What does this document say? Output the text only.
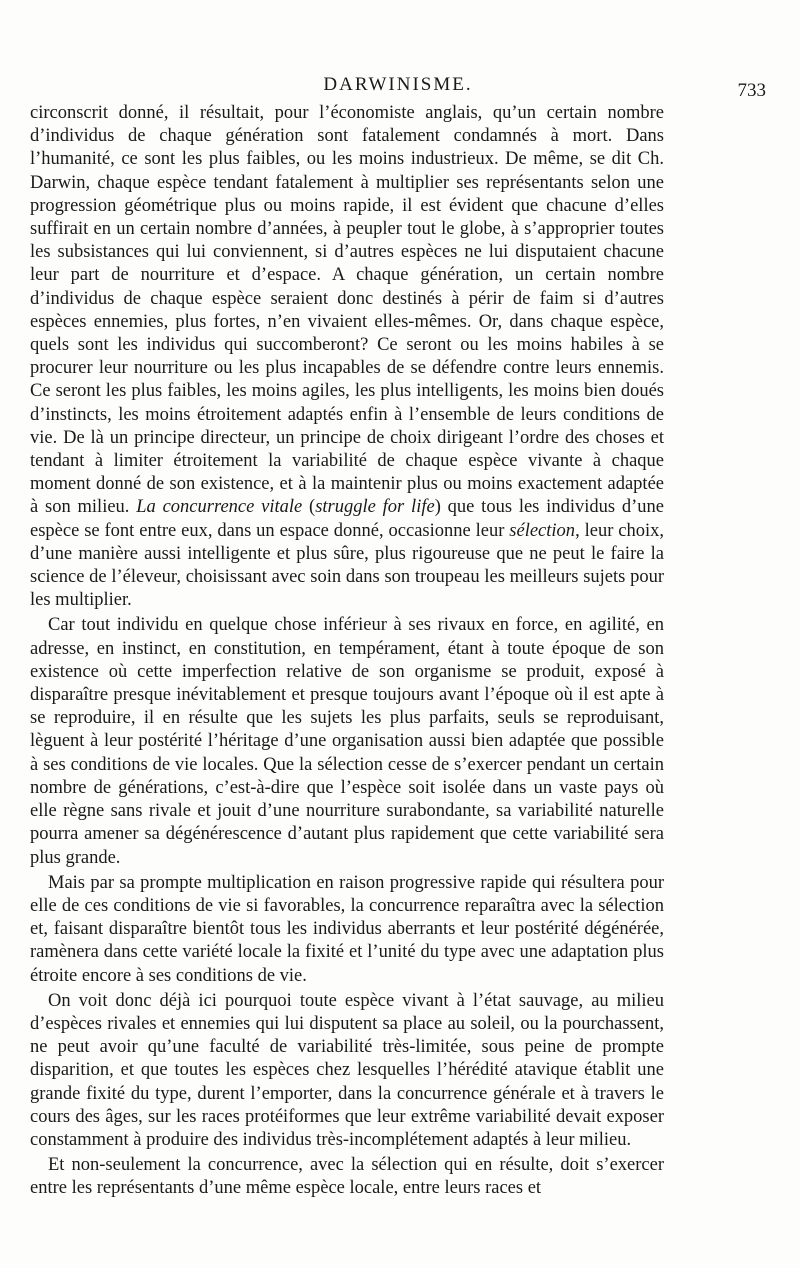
DARWINISME.	733

circonscrit donné, il résultait, pour l’économiste anglais, qu’un certain nombre d’individus de chaque génération sont fatalement condamnés à mort. Dans l’humanité, ce sont les plus faibles, ou les moins industrieux. De même, se dit Ch. Darwin, chaque espèce tendant fatalement à multiplier ses représentants selon une progression géométrique plus ou moins rapide, il est évident que chacune d’elles suffirait en un certain nombre d’années, à peupler tout le globe, à s’approprier toutes les subsistances qui lui conviennent, si d’autres espèces ne lui disputaient chacune leur part de nourriture et d’espace. A chaque génération, un certain nombre d’individus de chaque espèce seraient donc destinés à périr de faim si d’autres espèces ennemies, plus fortes, n’en vivaient elles-mêmes. Or, dans chaque espèce, quels sont les individus qui succomberont? Ce seront ou les moins habiles à se procurer leur nourriture ou les plus incapables de se défendre contre leurs ennemis. Ce seront les plus faibles, les moins agiles, les plus intelligents, les moins bien doués d’instincts, les moins étroitement adaptés enfin à l’ensemble de leurs conditions de vie. De là un principe directeur, un principe de choix dirigeant l’ordre des choses et tendant à limiter étroitement la variabilité de chaque espèce vivante à chaque moment donné de son existence, et à la maintenir plus ou moins exactement adaptée à son milieu. La concurrence vitale (struggle for life) que tous les individus d’une espèce se font entre eux, dans un espace donné, occasionne leur sélection, leur choix, d’une manière aussi intelligente et plus sûre, plus rigoureuse que ne peut le faire la science de l’éleveur, choisissant avec soin dans son troupeau les meilleurs sujets pour les multiplier.

Car tout individu en quelque chose inférieur à ses rivaux en force, en agilité, en adresse, en instinct, en constitution, en tempérament, étant à toute époque de son existence où cette imperfection relative de son organisme se produit, exposé à disparaître presque inévitablement et presque toujours avant l’époque où il est apte à se reproduire, il en résulte que les sujets les plus parfaits, seuls se reproduisant, lèguent à leur postérité l’héritage d’une organisation aussi bien adaptée que possible à ses conditions de vie locales. Que la sélection cesse de s’exercer pendant un certain nombre de générations, c’est-à-dire que l’espèce soit isolée dans un vaste pays où elle règne sans rivale et jouit d’une nourriture surabondante, sa variabilité naturelle pourra amener sa dégénérescence d’autant plus rapidement que cette variabilité sera plus grande.

Mais par sa prompte multiplication en raison progressive rapide qui résultera pour elle de ces conditions de vie si favorables, la concurrence reparaîtra avec la sélection et, faisant disparaître bientôt tous les individus aberrants et leur postérité dégénérée, ramènera dans cette variété locale la fixité et l’unité du type avec une adaptation plus étroite encore à ses conditions de vie.

On voit donc déjà ici pourquoi toute espèce vivant à l’état sauvage, au milieu d’espèces rivales et ennemies qui lui disputent sa place au soleil, ou la pourchassent, ne peut avoir qu’une faculté de variabilité très-limitée, sous peine de prompte disparition, et que toutes les espèces chez lesquelles l’hérédité atavique établit une grande fixité du type, durent l’emporter, dans la concurrence générale et à travers le cours des âges, sur les races protéiformes que leur extrême variabilité devait exposer constamment à produire des individus très-incomplétement adaptés à leur milieu.

Et non-seulement la concurrence, avec la sélection qui en résulte, doit s’exercer entre les représentants d’une même espèce locale, entre leurs races et
